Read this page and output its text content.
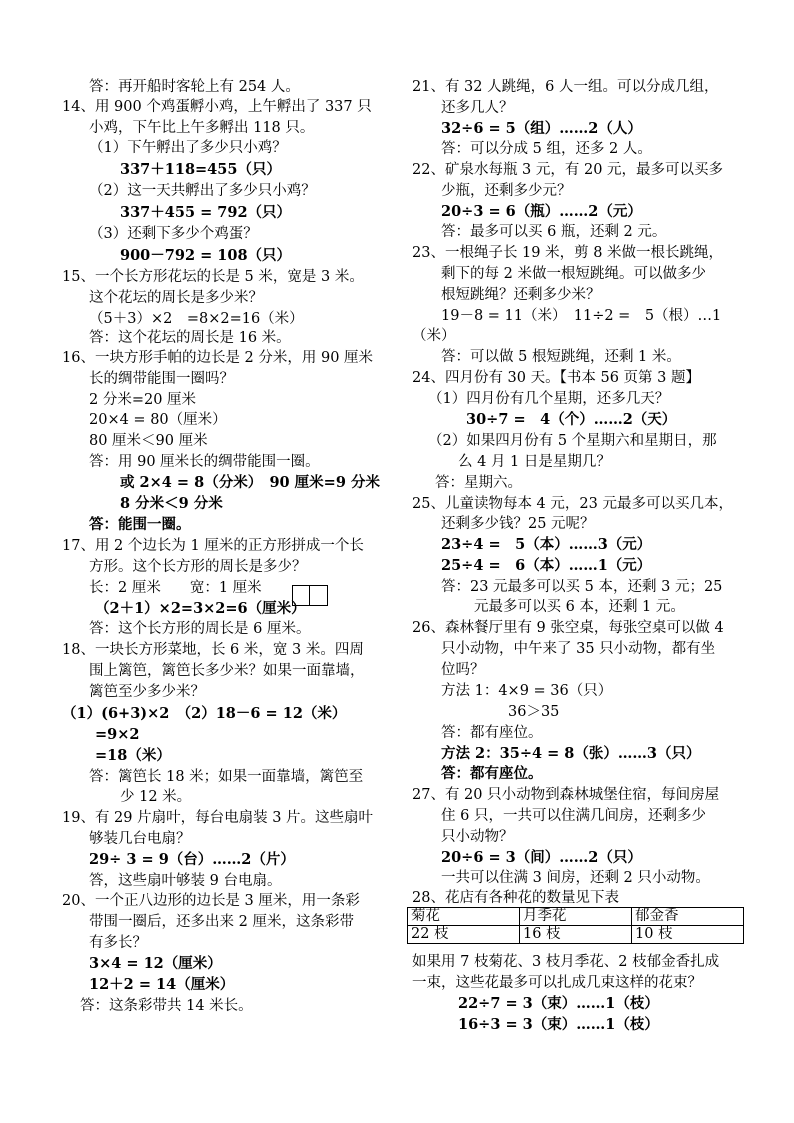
答：再开船时客轮上有 254 人。
14、用 900 个鸡蛋孵小鸡，上午孵出了 337 只
小鸡，下午比上午多孵出 118 只。
（1）下午孵出了多少只小鸡？
337＋118=455（只）
（2）这一天共孵出了多少只小鸡？
337＋455 = 792（只）
（3）还剩下多少个鸡蛋？
900－792 = 108（只）
15、一个长方形花坛的长是 5 米，宽是 3 米。
这个花坛的周长是多少米？
（5＋3）×2　=8×2=16（米）
答：这个花坛的周长是 16 米。
16、一块方形手帕的边长是 2 分米，用 90 厘米
长的绸带能围一圈吗？
2 分米=20 厘米
20×4 = 80（厘米）
80 厘米＜90 厘米
答：用 90 厘米长的绸带能围一圈。
或 2×4 = 8（分米）　90 厘米=9 分米
8 分米＜9 分米
答：能围一圈。
17、用 2 个边长为 1 厘米的正方形拼成一个长
方形。这个长方形的周长是多少？
长：2 厘米　　宽：1 厘米
（2＋1）×2=3×2=6（厘米）
答：这个长方形的周长是 6 厘米。
18、一块长方形菜地，长 6 米，宽 3 米。四周
围上篱笆，篱笆长多少米？如果一面靠墙，
篱笆至少多少米？
（1）(6+3)×2　（2）18－6 = 12（米）
=9×2
=18（米）
答：篱笆长 18 米；如果一面靠墙，篱笆至
少 12 米。
19、有 29 片扇叶，每台电扇装 3 片。这些扇叶
够装几台电扇？
29÷ 3 = 9（台）……2（片）
答，这些扇叶够装 9 台电扇。
20、一个正八边形的边长是 3 厘米，用一条彩
带围一圈后，还多出来 2 厘米，这条彩带
有多长？
3×4 = 12（厘米）
12＋2 = 14（厘米）
答：这条彩带共 14 米长。
21、有 32 人跳绳，6 人一组。可以分成几组，
还多几人？
32÷6 = 5（组）……2（人）
答：可以分成 5 组，还多 2 人。
22、矿泉水每瓶 3 元，有 20 元，最多可以买多
少瓶，还剩多少元？
20÷3 = 6（瓶）……2（元）
答：最多可以买 6 瓶，还剩 2 元。
23、一根绳子长 19 米，剪 8 米做一根长跳绳，
剩下的每 2 米做一根短跳绳。可以做多少
根短跳绳？还剩多少米？
19－8 = 11（米）　11÷2 =　5（根）…1
（米）
答：可以做 5 根短跳绳，还剩 1 米。
24、四月份有 30 天。【书本 56 页第 3 题】
（1）四月份有几个星期，还多几天？
30÷7 =　4（个）……2（天）
（2）如果四月份有 5 个星期六和星期日，那
么 4 月 1 日是星期几？
答：星期六。
25、儿童读物每本 4 元，23 元最多可以买几本，
还剩多少钱？25 元呢？
23÷4 =　5（本）……3（元）
25÷4 =　6（本）……1（元）
答：23 元最多可以买 5 本，还剩 3 元；25
元最多可以买 6 本，还剩 1 元。
26、森林餐厅里有 9 张空桌，每张空桌可以做 4
只小动物，中午来了 35 只小动物，都有坐
位吗？
方法 1：4×9 = 36（只）
36＞35
答：都有座位。
方法 2：35÷4 = 8（张）……3（只）
答：都有座位。
27、有 20 只小动物到森林城堡住宿，每间房屋
住 6 只，一共可以住满几间房，还剩多少
只小动物？
20÷6 = 3（间）……2（只）
一共可以住满 3 间房，还剩 2 只小动物。
28、花店有各种花的数量见下表
如果用 7 枝菊花、3 枝月季花、2 枝郁金香扎成
一束，这些花最多可以扎成几束这样的花束？
22÷7 = 3（束）……1（枝）
16÷3 = 3（束）……1（枝）
菊花	月季花	郁金香
22 枝	16 枝	10 枝
